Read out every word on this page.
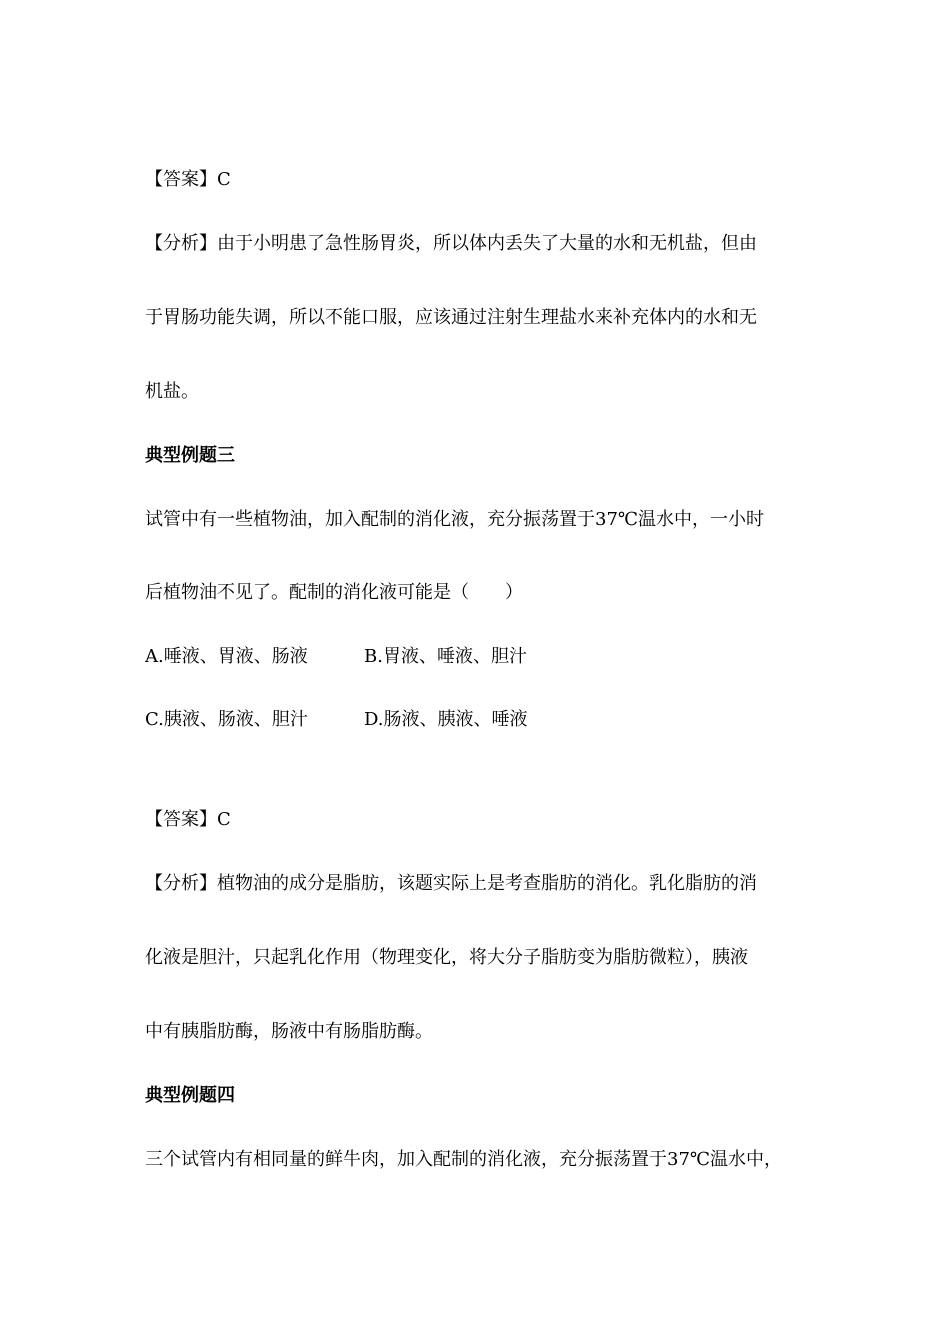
【答案】C
【分析】由于小明患了急性肠胃炎，所以体内丢失了大量的水和无机盐，但由
于胃肠功能失调，所以不能口服，应该通过注射生理盐水来补充体内的水和无
机盐。
典型例题三
试管中有一些植物油，加入配制的消化液，充分振荡置于37℃温水中，一小时
后植物油不见了。配制的消化液可能是（　　）
A.唾液、胃液、肠液	B.胃液、唾液、胆汁
C.胰液、肠液、胆汁	D.肠液、胰液、唾液
【答案】C
【分析】植物油的成分是脂肪，该题实际上是考查脂肪的消化。乳化脂肪的消
化液是胆汁，只起乳化作用（物理变化，将大分子脂肪变为脂肪微粒），胰液
中有胰脂肪酶，肠液中有肠脂肪酶。
典型例题四
三个试管内有相同量的鲜牛肉，加入配制的消化液，充分振荡置于37℃温水中，
